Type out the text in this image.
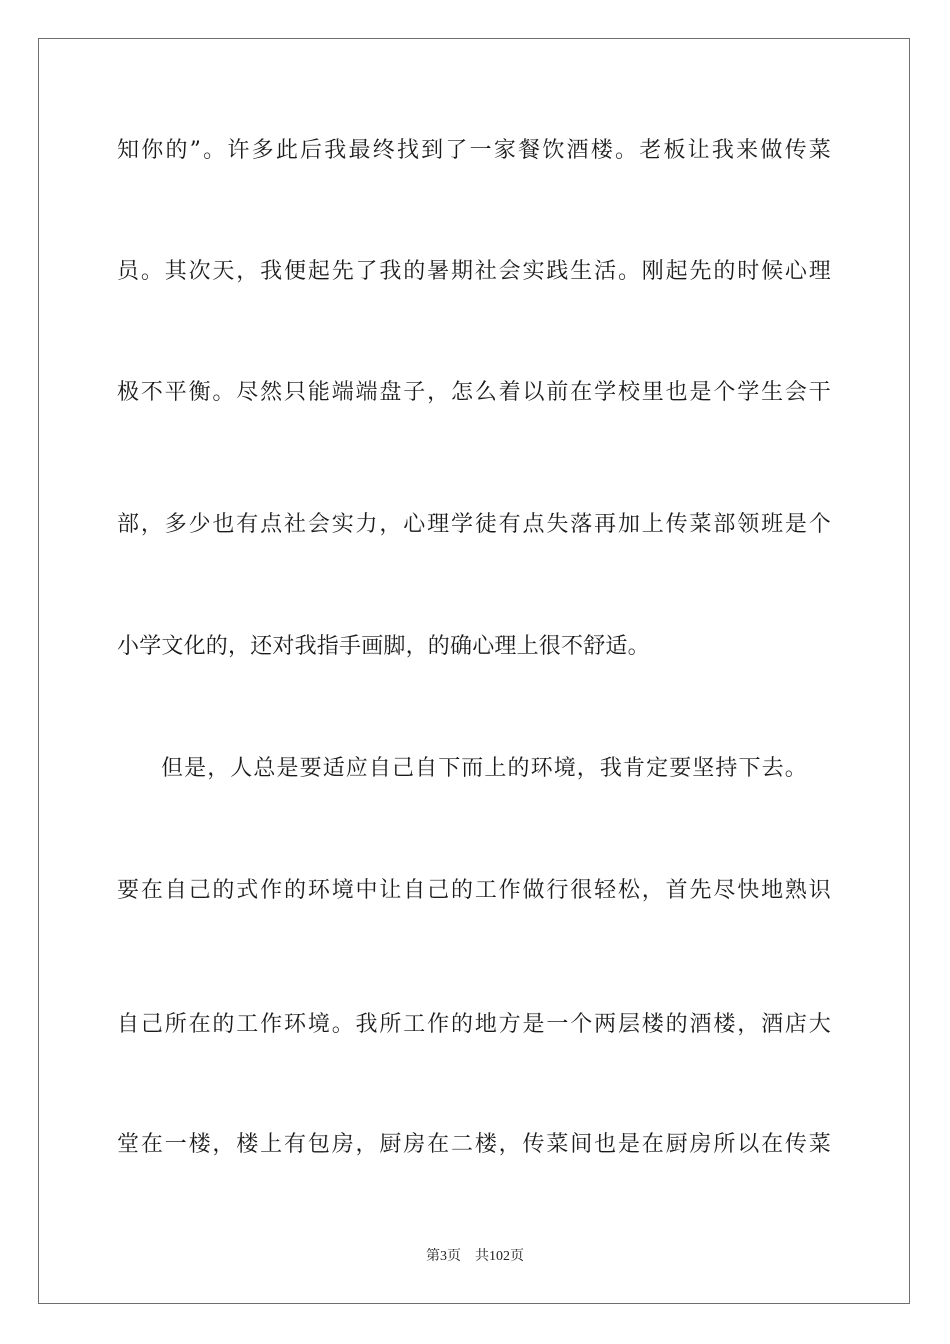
知你的”。许多此后我最终找到了一家餐饮酒楼。老板让我来做传菜
员。其次天，我便起先了我的暑期社会实践生活。刚起先的时候心理
极不平衡。尽然只能端端盘子，怎么着以前在学校里也是个学生会干
部，多少也有点社会实力，心理学徒有点失落再加上传菜部领班是个
小学文化的，还对我指手画脚，的确心理上很不舒适。
但是，人总是要适应自己自下而上的环境，我肯定要坚持下去。
要在自己的式作的环境中让自己的工作做行很轻松，首先尽快地熟识
自己所在的工作环境。我所工作的地方是一个两层楼的酒楼，酒店大
堂在一楼，楼上有包房，厨房在二楼，传菜间也是在厨房所以在传菜
第3页 共102页
